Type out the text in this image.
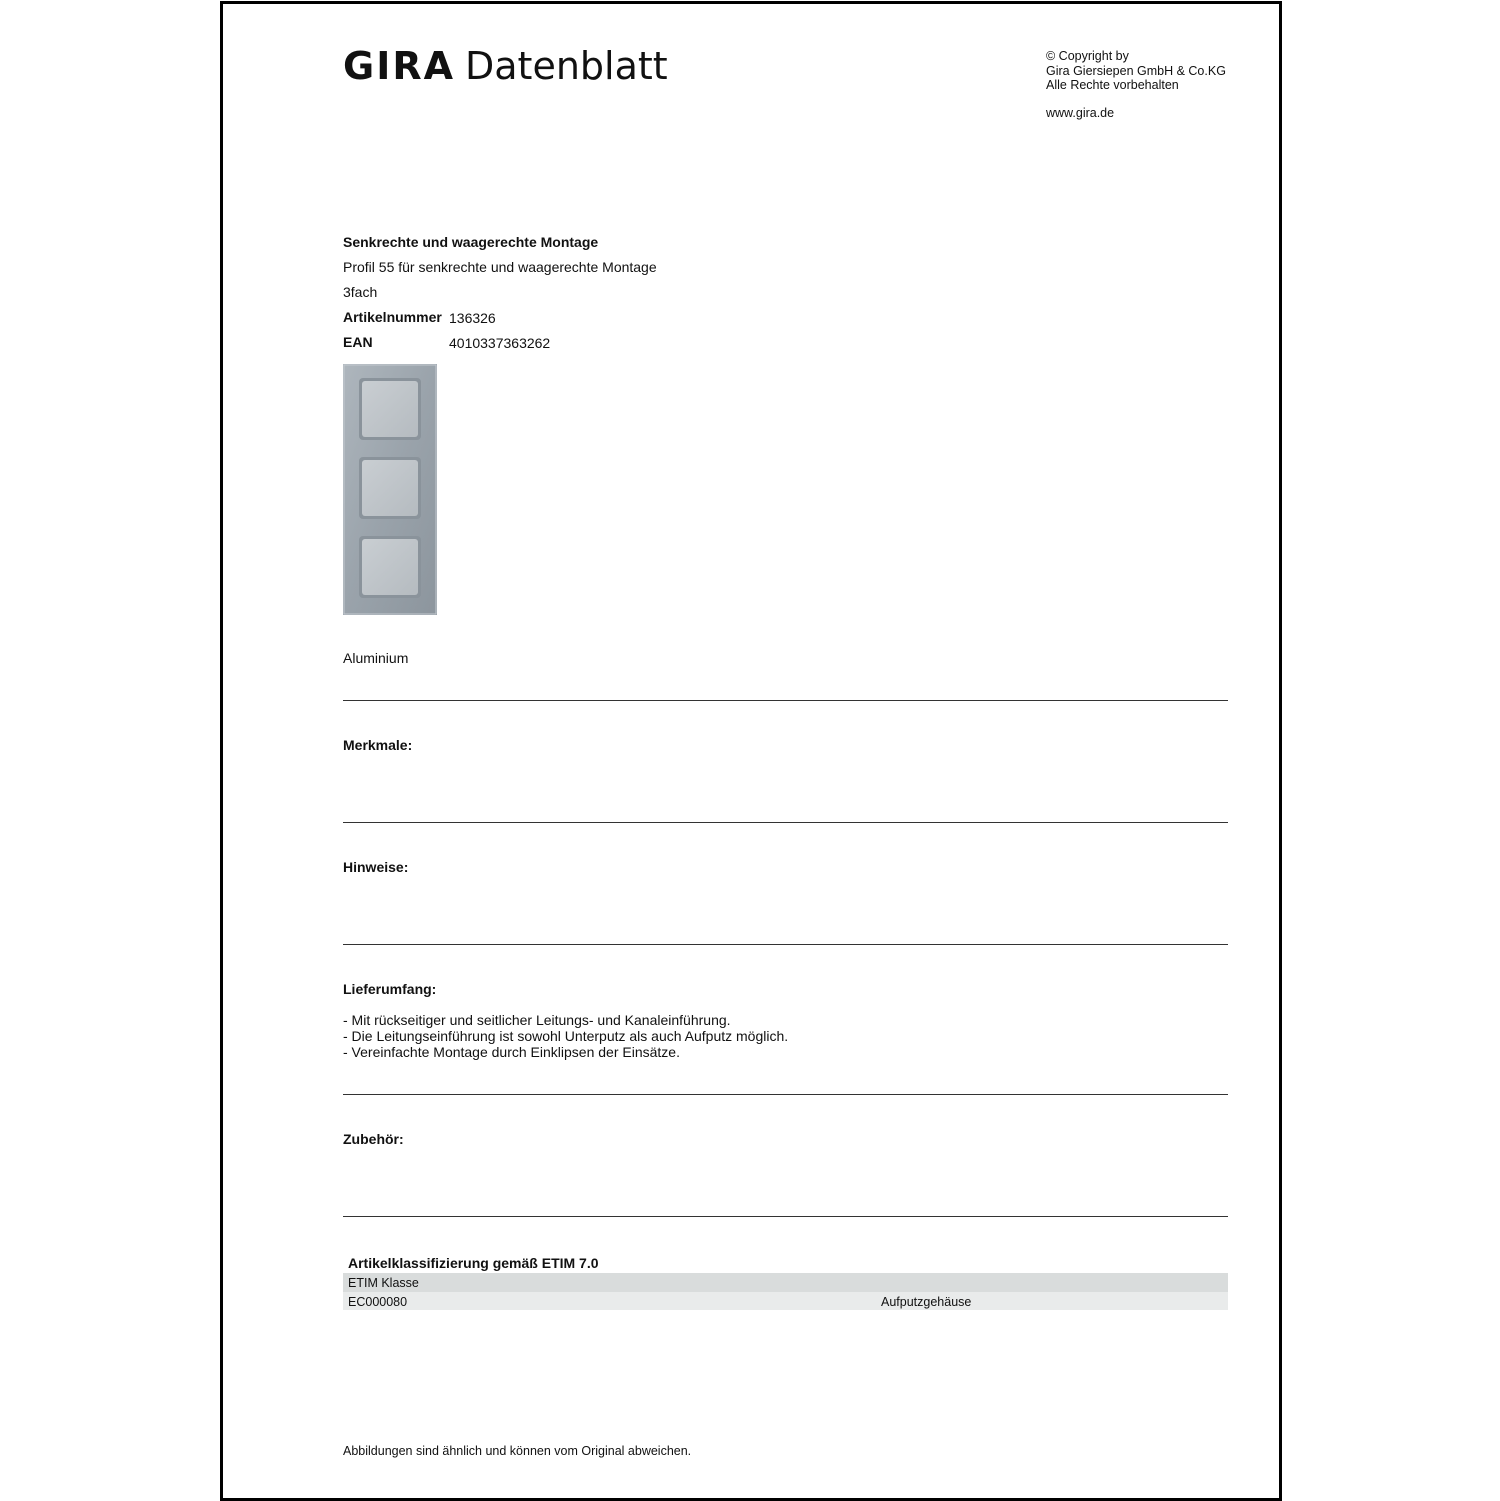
GIRA Datenblatt	© Copyright by
Gira Giersiepen GmbH & Co.KG
Alle Rechte vorbehalten
www.gira.de
Senkrechte und waagerechte Montage
Profil 55 für senkrechte und waagerechte Montage
3fach
Artikelnummer 136326
EAN	4010337363262
Aluminium
Merkmale:
Hinweise:
Lieferumfang:
- Mit rückseitiger und seitlicher Leitungs- und Kanaleinführung.
- Die Leitungseinführung ist sowohl Unterputz als auch Aufputz möglich.
- Vereinfachte Montage durch Einklipsen der Einsätze.
Zubehör:
Artikelklassifizierung gemäß ETIM 7.0
ETIM Klasse
EC000080	Aufputzgehäuse
Abbildungen sind ähnlich und können vom Original abweichen.
